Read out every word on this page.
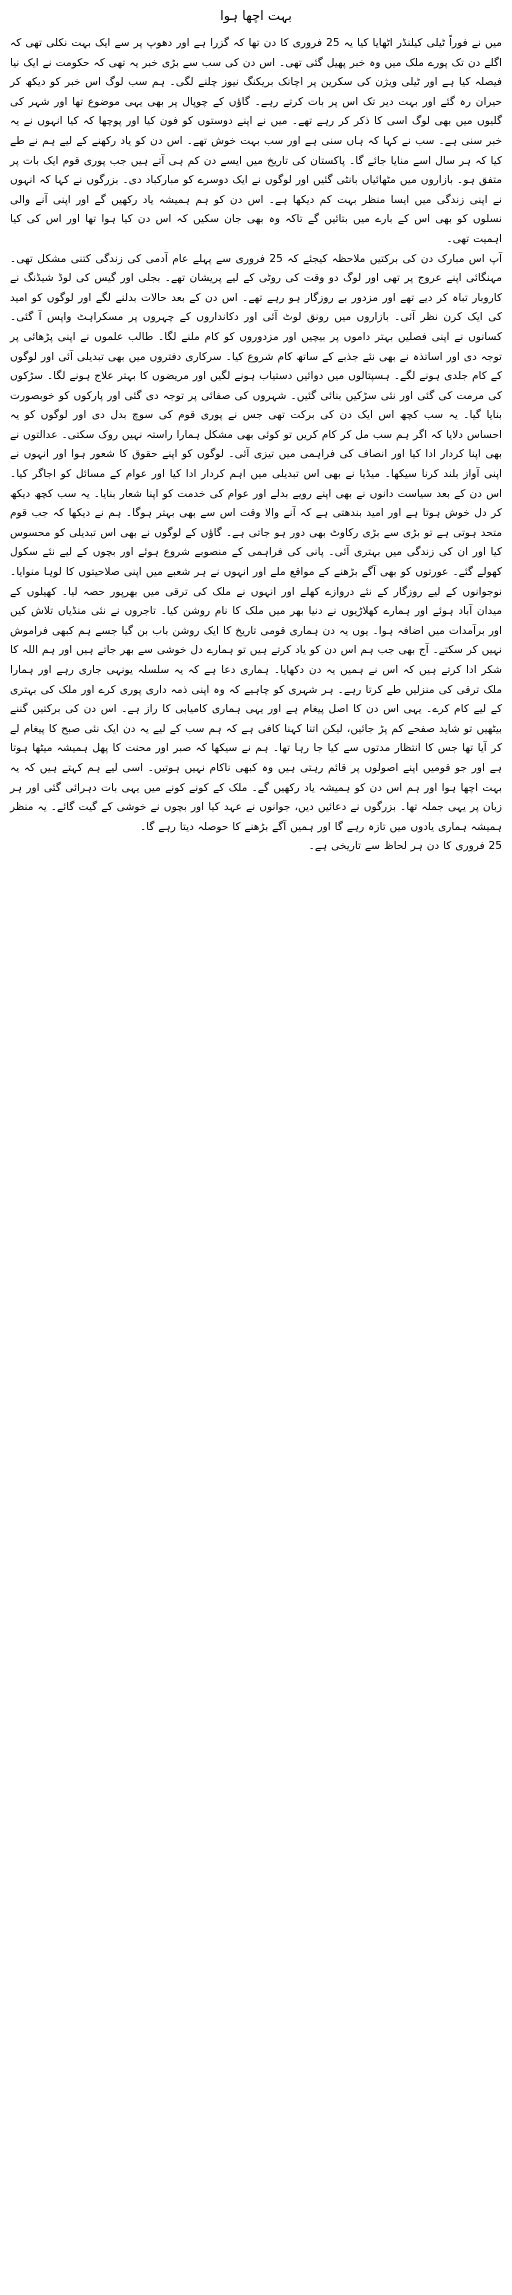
بہت اچھا ہوا

میں نے فوراً ٹیلی کیلنڈر اٹھایا کیا یہ 25 فروری کا دن تھا کہ گزرا ہے اور دھوپ پر سے ایک بہت نکلی تھی کہ اگلے دن تک پورے ملک میں وہ خبر پھیل گئی تھی۔ اس دن کی سب سے بڑی خبر یہ تھی کہ حکومت نے ایک نیا فیصلہ کیا ہے اور ٹیلی ویژن کی سکرین پر اچانک بریکنگ نیوز چلنے لگی۔ ہم سب لوگ اس خبر کو دیکھ کر حیران رہ گئے اور بہت دیر تک اس پر بات کرتے رہے۔ گاؤں کے چوپال پر بھی یہی موضوع تھا اور شہر کی گلیوں میں بھی لوگ اسی کا ذکر کر رہے تھے۔ میں نے اپنے دوستوں کو فون کیا اور پوچھا کہ کیا انہوں نے یہ خبر سنی ہے۔ سب نے کہا کہ ہاں سنی ہے اور سب بہت خوش تھے۔ اس دن کو یاد رکھنے کے لیے ہم نے طے کیا کہ ہر سال اسے منایا جائے گا۔ پاکستان کی تاریخ میں ایسے دن کم ہی آتے ہیں جب پوری قوم ایک بات پر متفق ہو۔ بازاروں میں مٹھائیاں بانٹی گئیں اور لوگوں نے ایک دوسرے کو مبارکباد دی۔ بزرگوں نے کہا کہ انہوں نے اپنی زندگی میں ایسا منظر بہت کم دیکھا ہے۔ اس دن کو ہم ہمیشہ یاد رکھیں گے اور اپنی آنے والی نسلوں کو بھی اس کے بارے میں بتائیں گے تاکہ وہ بھی جان سکیں کہ اس دن کیا ہوا تھا اور اس کی کیا اہمیت تھی۔

آپ اس مبارک دن کی برکتیں ملاحظہ کیجئے کہ 25 فروری سے پہلے عام آدمی کی زندگی کتنی مشکل تھی۔ مہنگائی اپنے عروج پر تھی اور لوگ دو وقت کی روٹی کے لیے پریشان تھے۔ بجلی اور گیس کی لوڈ شیڈنگ نے کاروبار تباہ کر دیے تھے اور مزدور بے روزگار ہو رہے تھے۔ اس دن کے بعد حالات بدلنے لگے اور لوگوں کو امید کی ایک کرن نظر آئی۔ بازاروں میں رونق لوٹ آئی اور دکانداروں کے چہروں پر مسکراہٹ واپس آ گئی۔ کسانوں نے اپنی فصلیں بہتر داموں پر بیچیں اور مزدوروں کو کام ملنے لگا۔ طالب علموں نے اپنی پڑھائی پر توجہ دی اور اساتذہ نے بھی نئے جذبے کے ساتھ کام شروع کیا۔ سرکاری دفتروں میں بھی تبدیلی آئی اور لوگوں کے کام جلدی ہونے لگے۔ ہسپتالوں میں دوائیں دستیاب ہونے لگیں اور مریضوں کا بہتر علاج ہونے لگا۔ سڑکوں کی مرمت کی گئی اور نئی سڑکیں بنائی گئیں۔ شہروں کی صفائی پر توجہ دی گئی اور پارکوں کو خوبصورت بنایا گیا۔ یہ سب کچھ اس ایک دن کی برکت تھی جس نے پوری قوم کی سوچ بدل دی اور لوگوں کو یہ احساس دلایا کہ اگر ہم سب مل کر کام کریں تو کوئی بھی مشکل ہمارا راستہ نہیں روک سکتی۔ عدالتوں نے بھی اپنا کردار ادا کیا اور انصاف کی فراہمی میں تیزی آئی۔ لوگوں کو اپنے حقوق کا شعور ہوا اور انہوں نے اپنی آواز بلند کرنا سیکھا۔ میڈیا نے بھی اس تبدیلی میں اہم کردار ادا کیا اور عوام کے مسائل کو اجاگر کیا۔ اس دن کے بعد سیاست دانوں نے بھی اپنے رویے بدلے اور عوام کی خدمت کو اپنا شعار بنایا۔ یہ سب کچھ دیکھ کر دل خوش ہوتا ہے اور امید بندھتی ہے کہ آنے والا وقت اس سے بھی بہتر ہوگا۔ ہم نے دیکھا کہ جب قوم متحد ہوتی ہے تو بڑی سے بڑی رکاوٹ بھی دور ہو جاتی ہے۔ گاؤں کے لوگوں نے بھی اس تبدیلی کو محسوس کیا اور ان کی زندگی میں بہتری آئی۔ پانی کی فراہمی کے منصوبے شروع ہوئے اور بچوں کے لیے نئے سکول کھولے گئے۔ عورتوں کو بھی آگے بڑھنے کے مواقع ملے اور انہوں نے ہر شعبے میں اپنی صلاحیتوں کا لوہا منوایا۔ نوجوانوں کے لیے روزگار کے نئے دروازے کھلے اور انہوں نے ملک کی ترقی میں بھرپور حصہ لیا۔ کھیلوں کے میدان آباد ہوئے اور ہمارے کھلاڑیوں نے دنیا بھر میں ملک کا نام روشن کیا۔ تاجروں نے نئی منڈیاں تلاش کیں اور برآمدات میں اضافہ ہوا۔ یوں یہ دن ہماری قومی تاریخ کا ایک روشن باب بن گیا جسے ہم کبھی فراموش نہیں کر سکتے۔ آج بھی جب ہم اس دن کو یاد کرتے ہیں تو ہمارے دل خوشی سے بھر جاتے ہیں اور ہم اللہ کا شکر ادا کرتے ہیں کہ اس نے ہمیں یہ دن دکھایا۔ ہماری دعا ہے کہ یہ سلسلہ یونہی جاری رہے اور ہمارا ملک ترقی کی منزلیں طے کرتا رہے۔ ہر شہری کو چاہیے کہ وہ اپنی ذمہ داری پوری کرے اور ملک کی بہتری کے لیے کام کرے۔ یہی اس دن کا اصل پیغام ہے اور یہی ہماری کامیابی کا راز ہے۔ اس دن کی برکتیں گننے بیٹھیں تو شاید صفحے کم پڑ جائیں، لیکن اتنا کہنا کافی ہے کہ ہم سب کے لیے یہ دن ایک نئی صبح کا پیغام لے کر آیا تھا جس کا انتظار مدتوں سے کیا جا رہا تھا۔ ہم نے سیکھا کہ صبر اور محنت کا پھل ہمیشہ میٹھا ہوتا ہے اور جو قومیں اپنے اصولوں پر قائم رہتی ہیں وہ کبھی ناکام نہیں ہوتیں۔ اسی لیے ہم کہتے ہیں کہ یہ بہت اچھا ہوا اور ہم اس دن کو ہمیشہ یاد رکھیں گے۔ ملک کے کونے کونے میں یہی بات دہرائی گئی اور ہر زبان پر یہی جملہ تھا۔ بزرگوں نے دعائیں دیں، جوانوں نے عہد کیا اور بچوں نے خوشی کے گیت گائے۔ یہ منظر ہمیشہ ہماری یادوں میں تازہ رہے گا اور ہمیں آگے بڑھنے کا حوصلہ دیتا رہے گا۔

25 فروری کا دن ہر لحاظ سے تاریخی ہے۔
